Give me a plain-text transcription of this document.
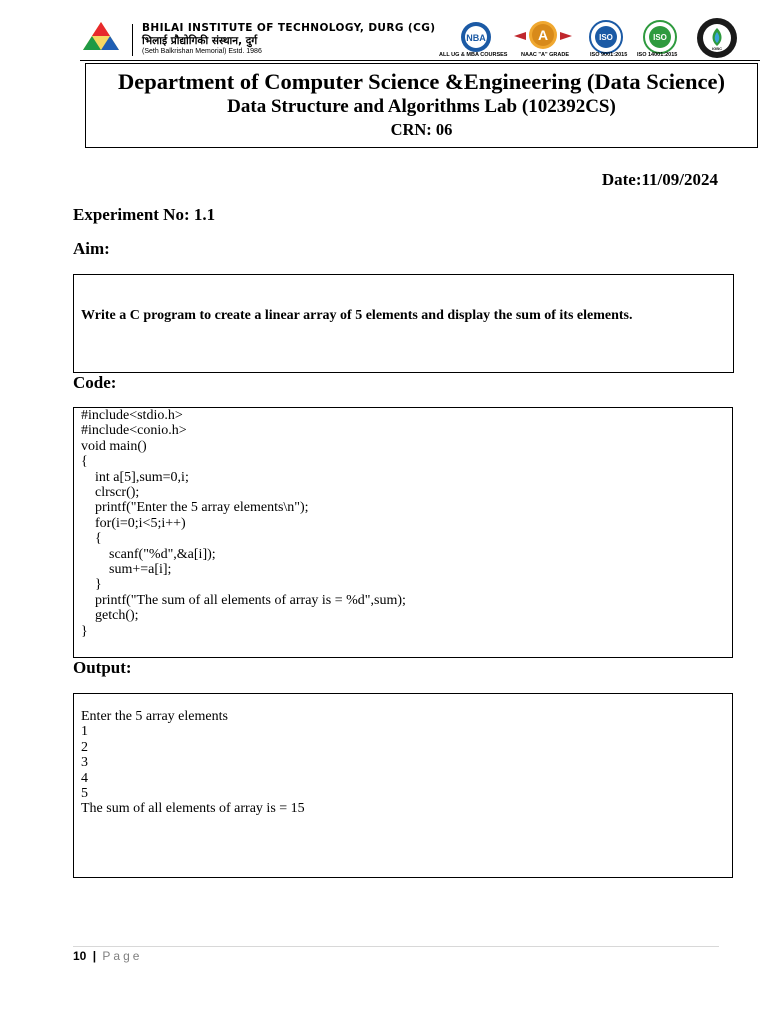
BHILAI INSTITUTE OF TECHNOLOGY, DURG (CG)
भिलाई प्रौद्योगिकी संस्थान, दुर्ग
(Seth Balkrishan Memorial) Estd. 1986
NBA
ALL UG & MBA COURSES
A
NAAC "A" GRADE
ISO
ISO 9001:2015
ISO
ISO 14001:2015
IGBC
Department of Computer Science &Engineering (Data Science)
Data Structure and Algorithms Lab (102392CS)
CRN: 06
Date:11/09/2024
Experiment No: 1.1
Aim:
Write a C program to create a linear array of 5 elements and display the sum of its elements.
Code:
#include<stdio.h>
#include<conio.h>
void main()
{
int a[5],sum=0,i;
clrscr();
printf("Enter the 5 array elements\n");
for(i=0;i<5;i++)
{
scanf("%d",&a[i]);
sum+=a[i];
}
printf("The sum of all elements of array is = %d",sum);
getch();
}
Output:
Enter the 5 array elements
1
2
3
4
5
The sum of all elements of array is = 15
10 | Page
